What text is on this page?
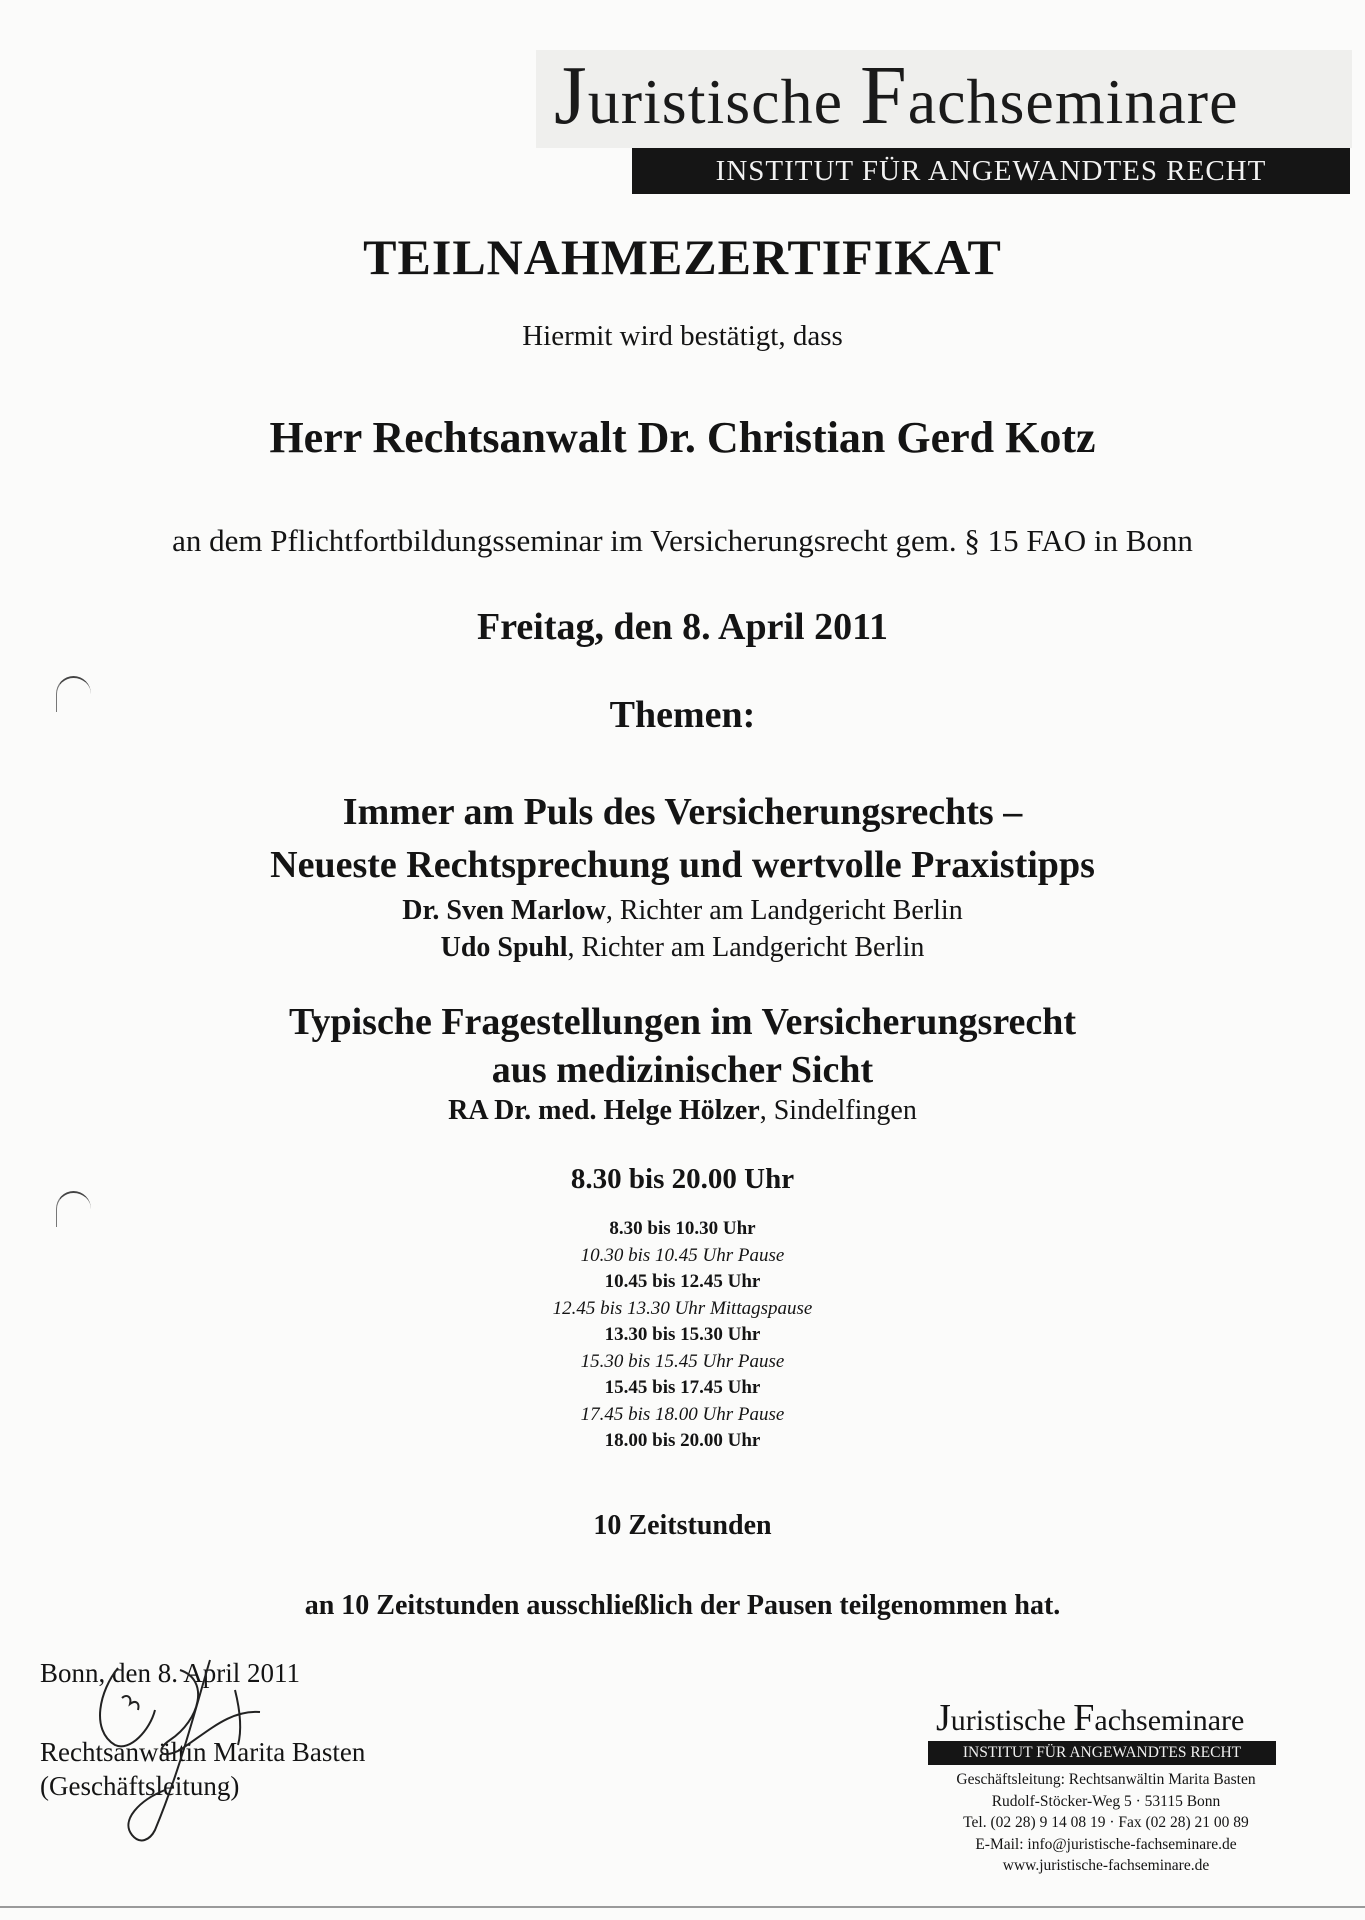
Juristische Fachseminare
INSTITUT FÜR ANGEWANDTES RECHT
TEILNAHMEZERTIFIKAT
Hiermit wird bestätigt, dass
Herr Rechtsanwalt Dr. Christian Gerd Kotz
an dem Pflichtfortbildungsseminar im Versicherungsrecht gem. § 15 FAO in Bonn
Freitag, den 8. April 2011
Themen:
Immer am Puls des Versicherungsrechts –
Neueste Rechtsprechung und wertvolle Praxistipps
Dr. Sven Marlow, Richter am Landgericht Berlin
Udo Spuhl, Richter am Landgericht Berlin
Typische Fragestellungen im Versicherungsrecht
aus medizinischer Sicht
RA Dr. med. Helge Hölzer, Sindelfingen
8.30 bis 20.00 Uhr
8.30 bis 10.30 Uhr
10.30 bis 10.45 Uhr Pause
10.45 bis 12.45 Uhr
12.45 bis 13.30 Uhr Mittagspause
13.30 bis 15.30 Uhr
15.30 bis 15.45 Uhr Pause
15.45 bis 17.45 Uhr
17.45 bis 18.00 Uhr Pause
18.00 bis 20.00 Uhr
10 Zeitstunden
an 10 Zeitstunden ausschließlich der Pausen teilgenommen hat.
Bonn, den 8. April 2011
Rechtsanwältin Marita Basten
(Geschäftsleitung)
Juristische Fachseminare
INSTITUT FÜR ANGEWANDTES RECHT
Geschäftsleitung: Rechtsanwältin Marita Basten
Rudolf-Stöcker-Weg 5 · 53115 Bonn
Tel. (02 28) 9 14 08 19 · Fax (02 28) 21 00 89
E-Mail: info@juristische-fachseminare.de
www.juristische-fachseminare.de
